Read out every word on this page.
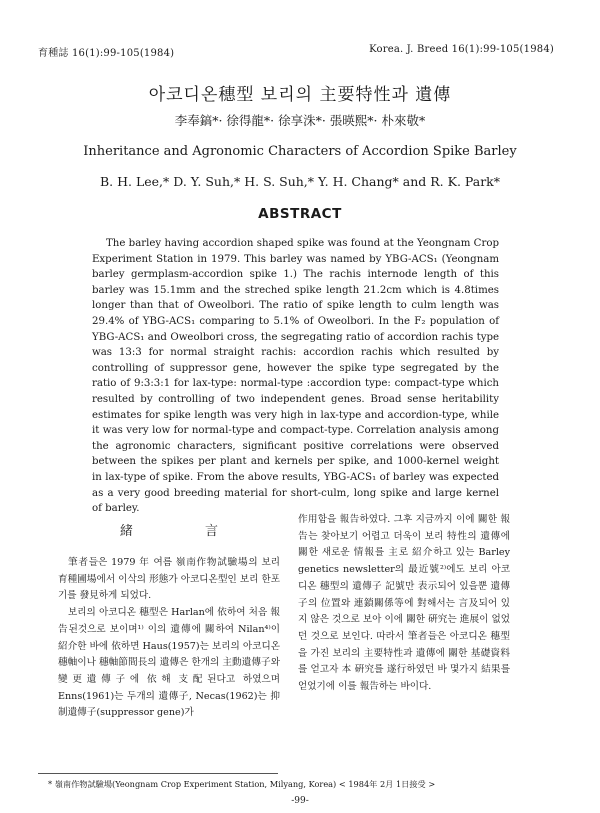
育種誌 16(1):99-105(1984)	Korea. J. Breed 16(1):99-105(1984)
아코디온穗型 보리의 主要特性과 遺傳
李奉鎬*· 徐得龍*· 徐享洙*· 張暎熙*· 朴來敬*
Inheritance and Agronomic Characters of Accordion Spike Barley
B. H. Lee,* D. Y. Suh,* H. S. Suh,* Y. H. Chang* and R. K. Park*
ABSTRACT

The barley having accordion shaped spike was found at the Yeongnam Crop Experiment Station in 1979. This barley was named by YBG-ACS₁ (Yeongnam barley germplasm-accordion spike 1.) The rachis internode length of this barley was 15.1mm and the streched spike length 21.2cm which is 4.8times longer than that of Oweolbori. The ratio of spike length to culm length was 29.4% of YBG-ACS₁ comparing to 5.1% of Oweolbori. In the F₂ population of YBG-ACS₁ and Oweolbori cross, the segregating ratio of accordion rachis type was 13:3 for normal straight rachis: accordion rachis which resulted by controlling of suppressor gene, however the spike type segregated by the ratio of 9:3:3:1 for lax-type: normal-type :accordion type: compact-type which resulted by controlling of two independent genes. Broad sense heritability estimates for spike length was very high in lax-type and accordion-type, while it was very low for normal-type and compact-type. Correlation analysis among the agronomic characters, significant positive correlations were observed between the spikes per plant and kernels per spike, and 1000-kernel weight in lax-type of spike. From the above results, YBG-ACS₁ of barley was expected as a very good breeding material for short-culm, long spike and large kernel of barley.

緒 言

筆者들은 1979 年 여름 嶺南作物試驗場의 보리 育種圃場에서 이삭의 形態가 아코디온型인 보리 한포기를 發見하게 되었다.

보리의 아코디온 穗型은 Harlan에 依하여 처음 報告된것으로 보이며¹⁾ 이의 遺傳에 關하여 Nilan⁴⁾이 紹介한 바에 依하면 Haus(1957)는 보리의 아코디온 穗軸이나 穗軸節間長의 遺傳은 한개의 主動遺傳子와 變更遺傳子에 依해 支配된다고 하였으며 Enns(1961)는 두개의 遺傳子, Necas(1962)는 抑制遺傳子(suppressor gene)가

作用함을 報告하였다. 그후 지금까지 이에 關한 報告는 찾아보기 어렵고 더욱이 보리 特性의 遺傳에 關한 새로운 情報를 主로 紹介하고 있는 Barley genetics newsletter의 最近號²⁾에도 보리 아코디온 穗型의 遺傳子 記號만 表示되어 있을뿐 遺傳子의 位置와 連鎖關係等에 對해서는 言及되어 있지 않은 것으로 보아 이에 關한 硏究는 進展이 없었던 것으로 보인다. 따라서 筆者들은 아코디온 穗型을 가진 보리의 主要特性과 遺傳에 關한 基礎資料를 얻고자 本 硏究를 遂行하였던 바 몇가지 結果를 얻었기에 이를 報告하는 바이다.

* 嶺南作物試驗場(Yeongnam Crop Experiment Station, Milyang, Korea) < 1984年 2月 1日接受 >
-99-
